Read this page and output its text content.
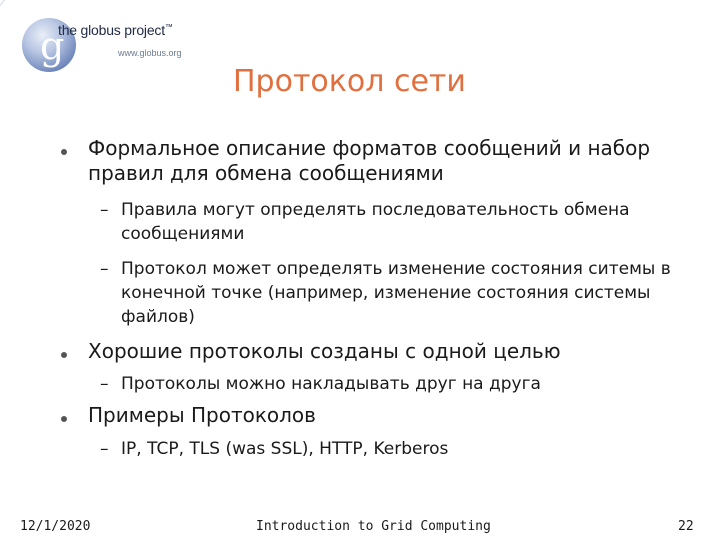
g
the globus project™
www.globus.org
Протокол сети
Формальное описание форматов сообщений и набор правил для обмена сообщениями
– Правила могут определять последовательность обмена сообщениями
– Протокол может определять изменение состояния ситемы в конечной точке (например, изменение состояния системы файлов)
Хорошие протоколы созданы с одной целью
– Протоколы можно накладывать друг на друга
Примеры Протоколов
– IP, TCP, TLS (was SSL), HTTP, Kerberos
12/1/2020	Introduction to Grid Computing	22
